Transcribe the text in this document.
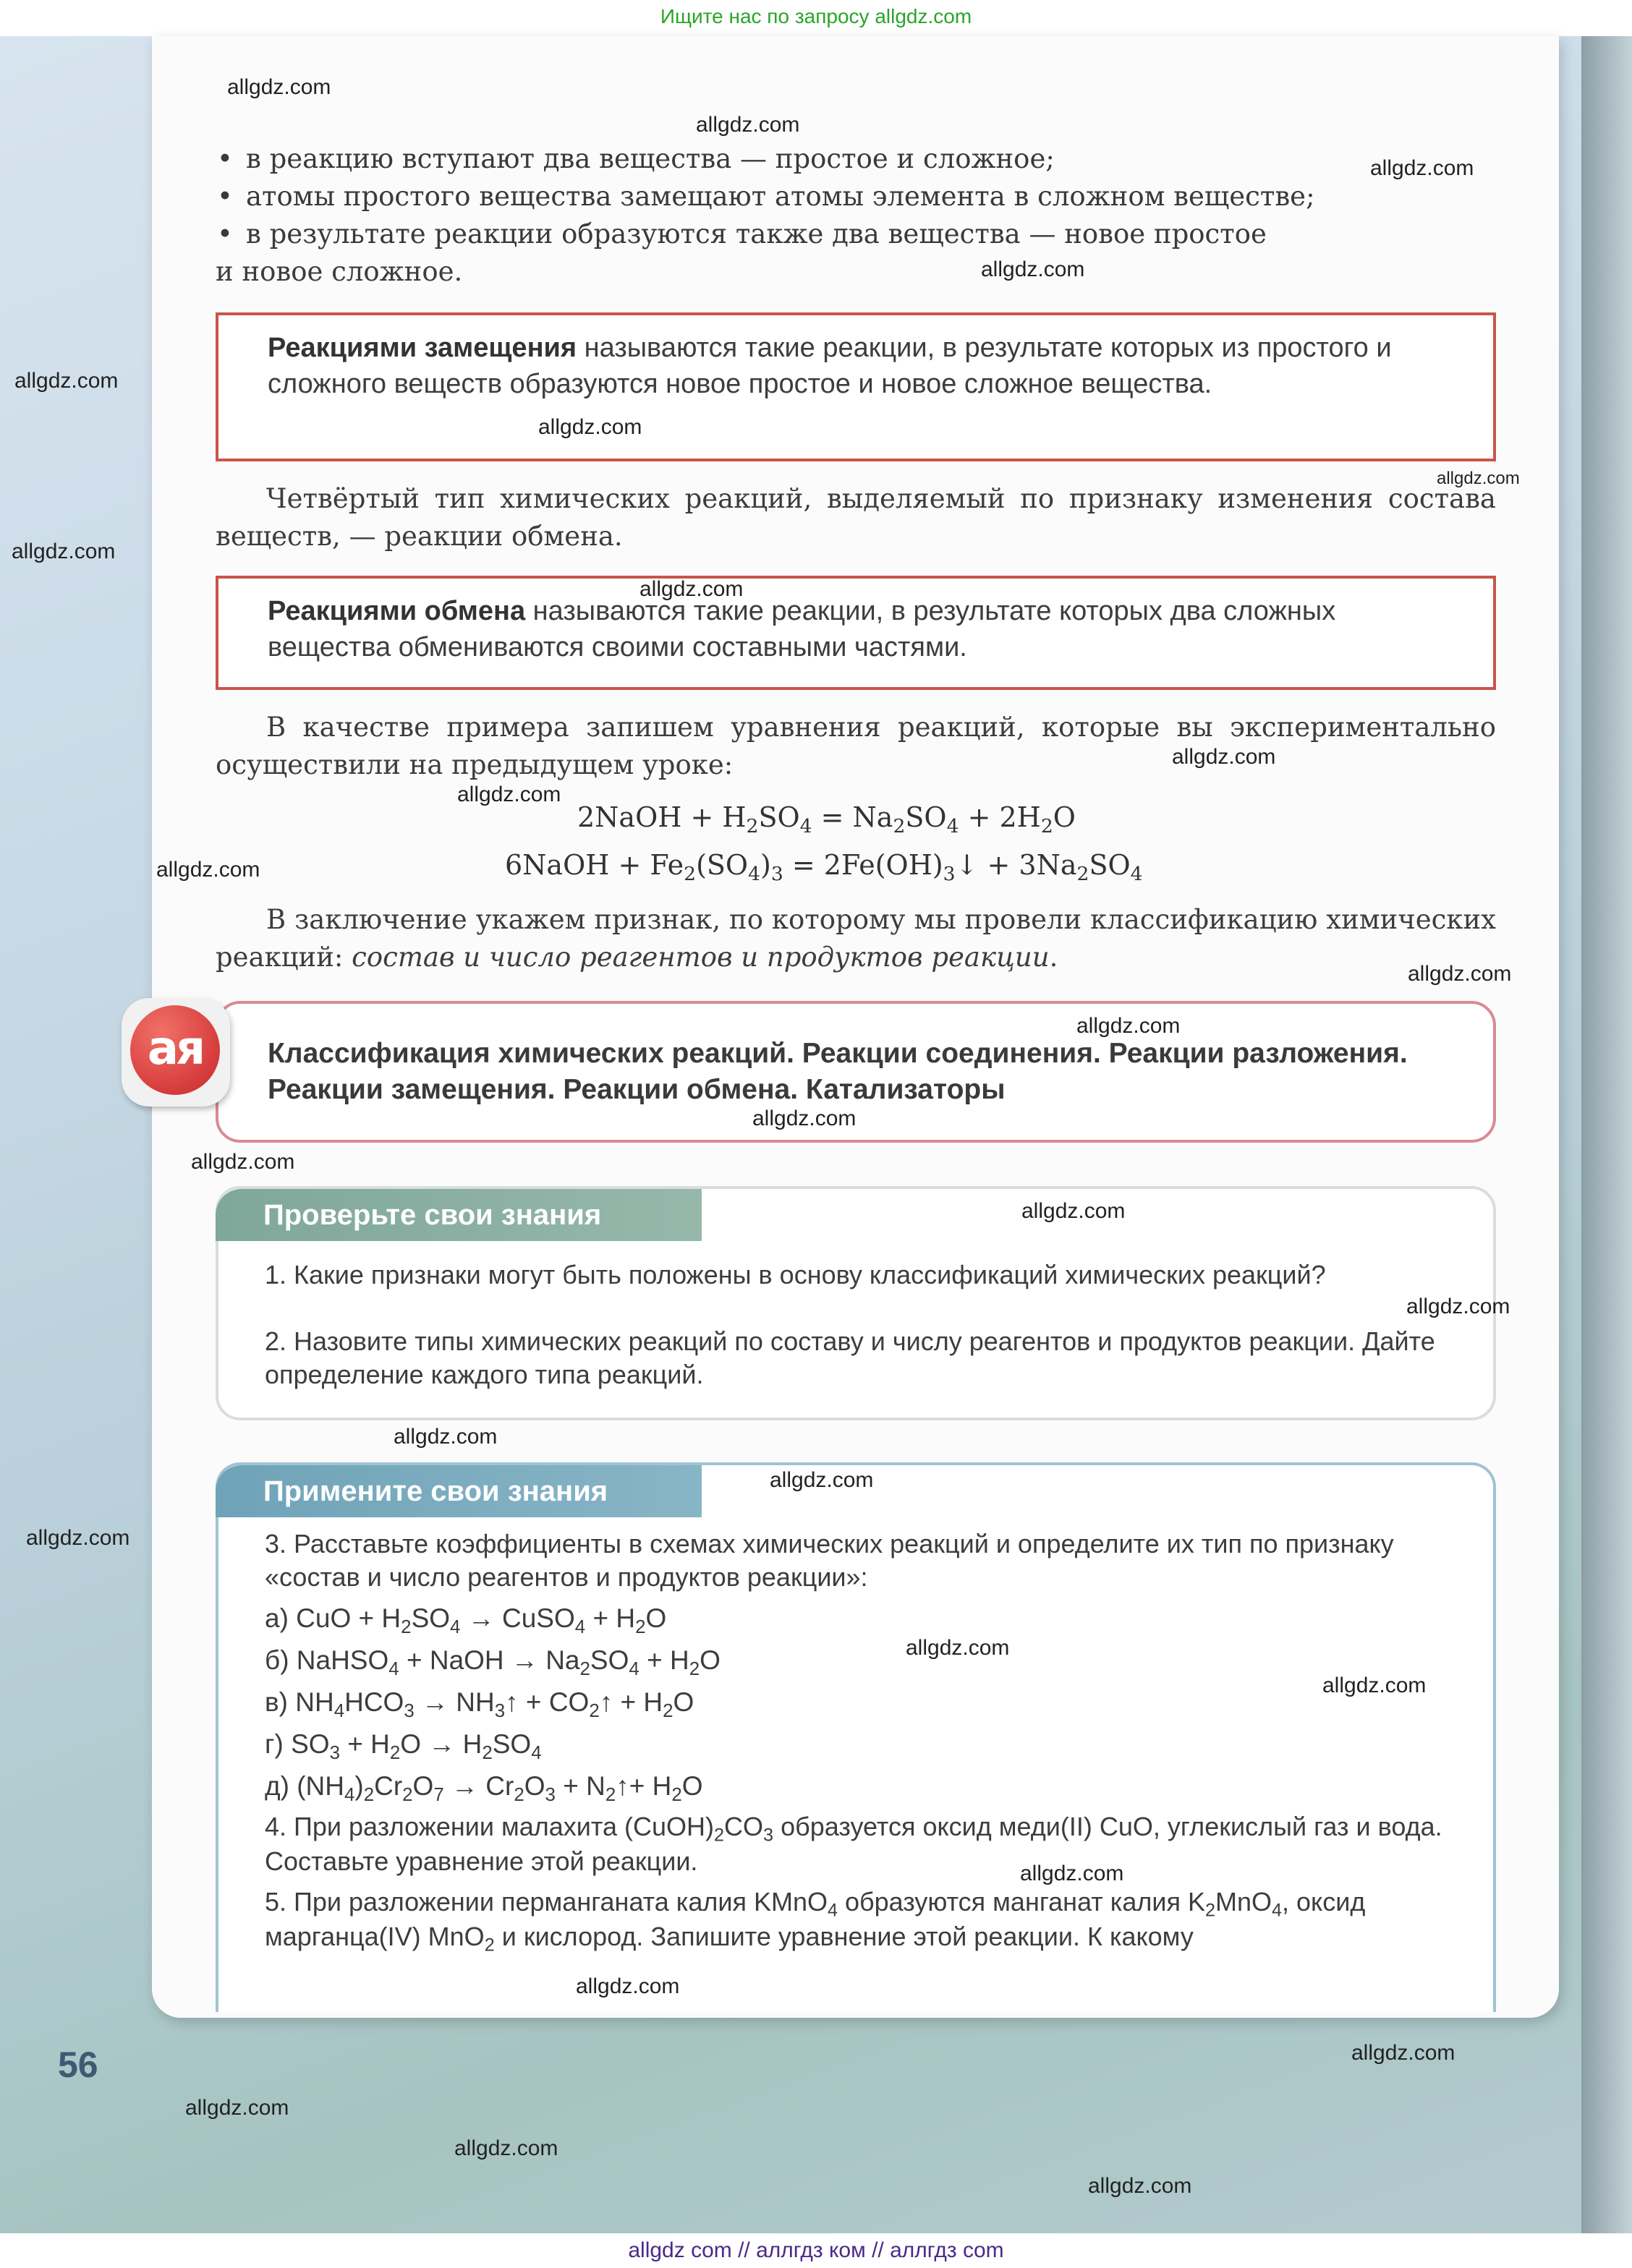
Ищите нас по запросу allgdz.com
• в реакцию вступают два вещества — простое и сложное;
• атомы простого вещества замещают атомы элемента в сложном веществе;
• в результате реакции образуются также два вещества — новое простое
и новое сложное.
Реакциями замещения называются такие реакции, в результате которых из простого и сложного веществ образуются новое простое и новое сложное вещества.
Четвёртый тип химических реакций, выделяемый по признаку изменения состава веществ, — реакции обмена.
Реакциями обмена называются такие реакции, в результате которых два сложных вещества обмениваются своими составными частями.
В качестве примера запишем уравнения реакций, которые вы экспериментально осуществили на предыдущем уроке:
2NaOH + $H_2SO_4 = Na_2SO_4 + 2H_2O$
6NaOH + $Fe_2(SO_4)_3$ = $2Fe(OH)_3↓ + 3Na_2SO_4$
В заключение укажем признак, по которому мы провели классификацию химических реакций: состав и число реагентов и продуктов реакции.
Классификация химических реакций. Реакции соединения. Реакции разложения. Реакции замещения. Реакции обмена. Катализаторы
ая
Проверьте свои знания
1. Какие признаки могут быть положены в основу классификаций химических реакций?
2. Назовите типы химических реакций по составу и числу реагентов и продуктов реакции. Дайте определение каждого типа реакций.
Примените свои знания
3. Расставьте коэффициенты в схемах химических реакций и определите их тип по признаку «состав и число реагентов и продуктов реакции»:
а) CuO + $H_2SO_4$ → CuSO$_4$ + $H_2O$
б) NaHSO$_4$ + NaOH → $Na_2SO_4 + H_2O$
в) $NH_4HCO_3$ → $NH_3↑$ + $CO_2↑ + H_2O$
г) $SO_3 + H_2O \to H_2SO_4$
д) $(NH_4)_2Cr_2O_7 \to Cr_2O_3$ + $N_2↑+ H_2O$
4. При разложении малахита $(CuOH)_2CO_3$ образуется оксид меди(II) CuO, углекислый газ и вода. Составьте уравнение этой реакции.
5. При разложении перманганата калия KMnO$_4$ образуются манганат калия $K_2MnO_4$, оксид марганца(IV) MnO$_2$ и кислород. Запишите уравнение этой реакции. К какому
56
allgdz.com
allgdz.com
allgdz.com
allgdz.com
allgdz.com
allgdz.com
allgdz.com
allgdz.com
allgdz.com
allgdz.com
allgdz.com
allgdz.com
allgdz.com
allgdz.com
allgdz.com
allgdz.com
allgdz.com
allgdz.com
allgdz.com
allgdz.com
allgdz.com
allgdz.com
allgdz.com
allgdz.com
allgdz.com
allgdz.com
allgdz.com
allgdz.com
allgdz.com
allgdz com // аллгдз ком // аллгдз com
